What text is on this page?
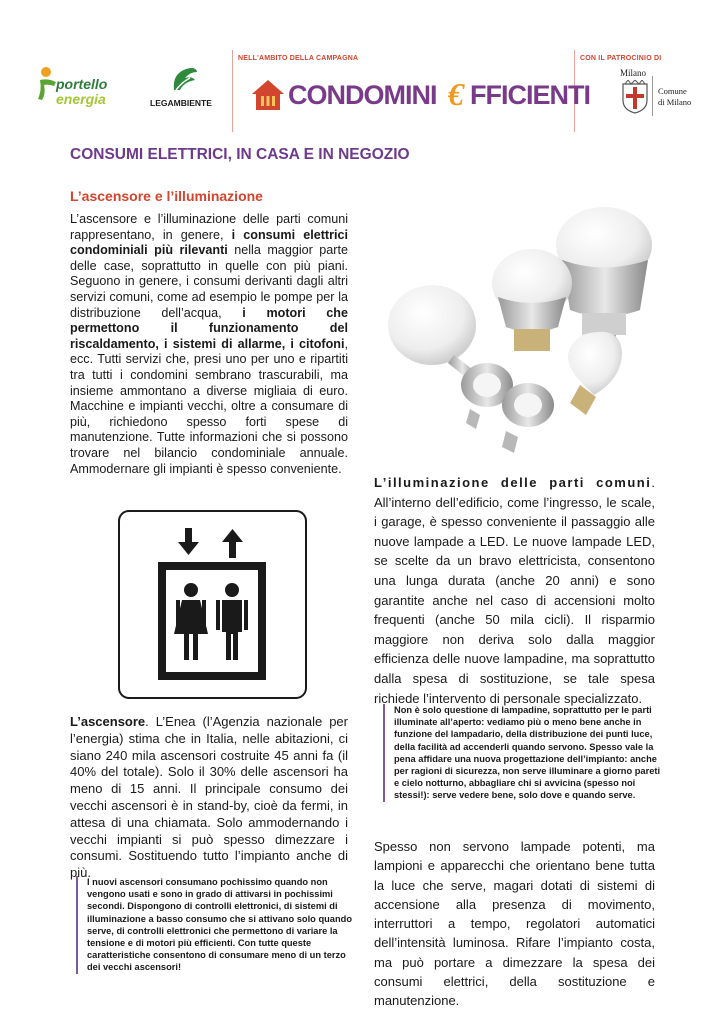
portello
energia	LEGAMBIENTE
NELL'AMBITO DELLA CAMPAGNA	CON IL PATROCINIO DI
CONDOMINI € FFICIENTI
Milano
Comune
di Milano
CONSUMI ELETTRICI, IN CASA E IN NEGOZIO
L’ascensore e l’illuminazione
L’ascensore e l’illuminazione delle parti comuni rappresentano, in genere, i consumi elettrici condominiali più rilevanti nella maggior parte delle case, soprattutto in quelle con più piani. Seguono in genere, i consumi derivanti dagli altri servizi comuni, come ad esempio le pompe per la distribuzione dell’acqua, i motori che permettono il funzionamento del riscaldamento, i sistemi di allarme, i citofoni, ecc. Tutti servizi che, presi uno per uno e ripartiti tra tutti i condomini sembrano trascurabili, ma insieme ammontano a diverse migliaia di euro. Macchine e impianti vecchi, oltre a consumare di più, richiedono spesso forti spese di manutenzione. Tutte informazioni che si possono trovare nel bilancio condominiale annuale. Ammodernare gli impianti è spesso conveniente.
L’illuminazione delle parti comuni. All’interno dell’edificio, come l’ingresso, le scale, i garage, è spesso conveniente il passaggio alle nuove lampade a LED. Le nuove lampade LED, se scelte da un bravo elettricista, consentono una lunga durata (anche 20 anni) e sono garantite anche nel caso di accensioni molto frequenti (anche 50 mila cicli). Il risparmio maggiore non deriva solo dalla maggior efficienza delle nuove lampadine, ma soprattutto dalla spesa di sostituzione, se tale spesa richiede l’intervento di personale specializzato.
L’ascensore. L’Enea (l’Agenzia nazionale per l’energia) stima che in Italia, nelle abitazioni, ci siano 240 mila ascensori costruite 45 anni fa (il 40% del totale). Solo il 30% delle ascensori ha meno di 15 anni. Il principale consumo dei vecchi ascensori è in stand-by, cioè da fermi, in attesa di una chiamata. Solo ammodernando i vecchi impianti si può spesso dimezzare i consumi. Sostituendo tutto l’impianto anche di più.
Non è solo questione di lampadine, soprattutto per le parti illuminate all’aperto: vediamo più o meno bene anche in funzione del lampadario, della distribuzione dei punti luce, della facilità ad accenderli quando servono. Spesso vale la pena affidare una nuova progettazione dell’impianto: anche per ragioni di sicurezza, non serve illuminare a giorno pareti e cielo notturno, abbagliare chi si avvicina (spesso noi stessi!): serve vedere bene, solo dove e quando serve.
I nuovi ascensori consumano pochissimo quando non vengono usati e sono in grado di attivarsi in pochissimi secondi. Dispongono di controlli elettronici, di sistemi di illuminazione a basso consumo che si attivano solo quando serve, di controlli elettronici che permettono di variare la tensione e di motori più efficienti. Con tutte queste caratteristiche consentono di consumare meno di un terzo dei vecchi ascensori!
Spesso non servono lampade potenti, ma lampioni e apparecchi che orientano bene tutta la luce che serve, magari dotati di sistemi di accensione alla presenza di movimento, interruttori a tempo, regolatori automatici dell’intensità luminosa. Rifare l’impianto costa, ma può portare a dimezzare la spesa dei consumi elettrici, della sostituzione e manutenzione.
